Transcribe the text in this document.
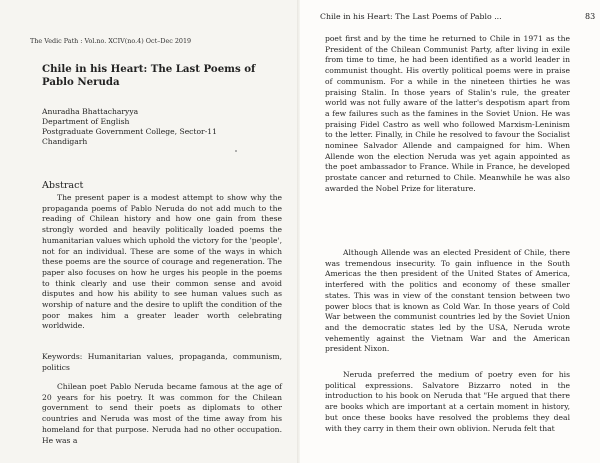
The Vedic Path : Vol.no. XCIV(no.4) Oct–Dec 2019
Chile in his Heart: The Last Poems of
Pablo Neruda
Anuradha Bhattacharyya
Department of English
Postgraduate Government College, Sector-11
Chandigarh
Abstract
The present paper is a modest attempt to show why the propaganda poems of Pablo Neruda do not add much to the reading of Chilean history and how one gain from these strongly worded and heavily politically loaded poems the humanitarian values which uphold the victory for the 'people', not for an individual. These are some of the ways in which these poems are the source of courage and regeneration. The paper also focuses on how he urges his people in the poems to think clearly and use their common sense and avoid disputes and how his ability to see human values such as worship of nature and the desire to uplift the condition of the poor makes him a greater leader worth celebrating worldwide.
Keywords: Humanitarian values, propaganda, communism, politics
Chilean poet Pablo Neruda became famous at the age of 20 years for his poetry. It was common for the Chilean government to send their poets as diplomats to other countries and Neruda was most of the time away from his homeland for that purpose. Neruda had no other occupation. He was a
Chile in his Heart: The Last Poems of Pablo ...	83
poet first and by the time he returned to Chile in 1971 as the President of the Chilean Communist Party, after living in exile from time to time, he had been identified as a world leader in communist thought. His overtly political poems were in praise of communism. For a while in the nineteen thirties he was praising Stalin. In those years of Stalin's rule, the greater world was not fully aware of the latter's despotism apart from a few failures such as the famines in the Soviet Union. He was praising Fidel Castro as well who followed Marxism-Leninism to the letter. Finally, in Chile he resolved to favour the Socialist nominee Salvador Allende and campaigned for him. When Allende won the election Neruda was yet again appointed as the poet ambassador to France. While in France, he developed prostate cancer and returned to Chile. Meanwhile he was also awarded the Nobel Prize for literature.
Although Allende was an elected President of Chile, there was tremendous insecurity. To gain influence in the South Americas the then president of the United States of America, interfered with the politics and economy of these smaller states. This was in view of the constant tension between two power blocs that is known as Cold War. In those years of Cold War between the communist countries led by the Soviet Union and the democratic states led by the USA, Neruda wrote vehemently against the Vietnam War and the American president Nixon.
Neruda preferred the medium of poetry even for his political expressions. Salvatore Bizzarro noted in the introduction to his book on Neruda that "He argued that there are books which are important at a certain moment in history, but once these books have resolved the problems they deal with they carry in them their own oblivion. Neruda felt that
